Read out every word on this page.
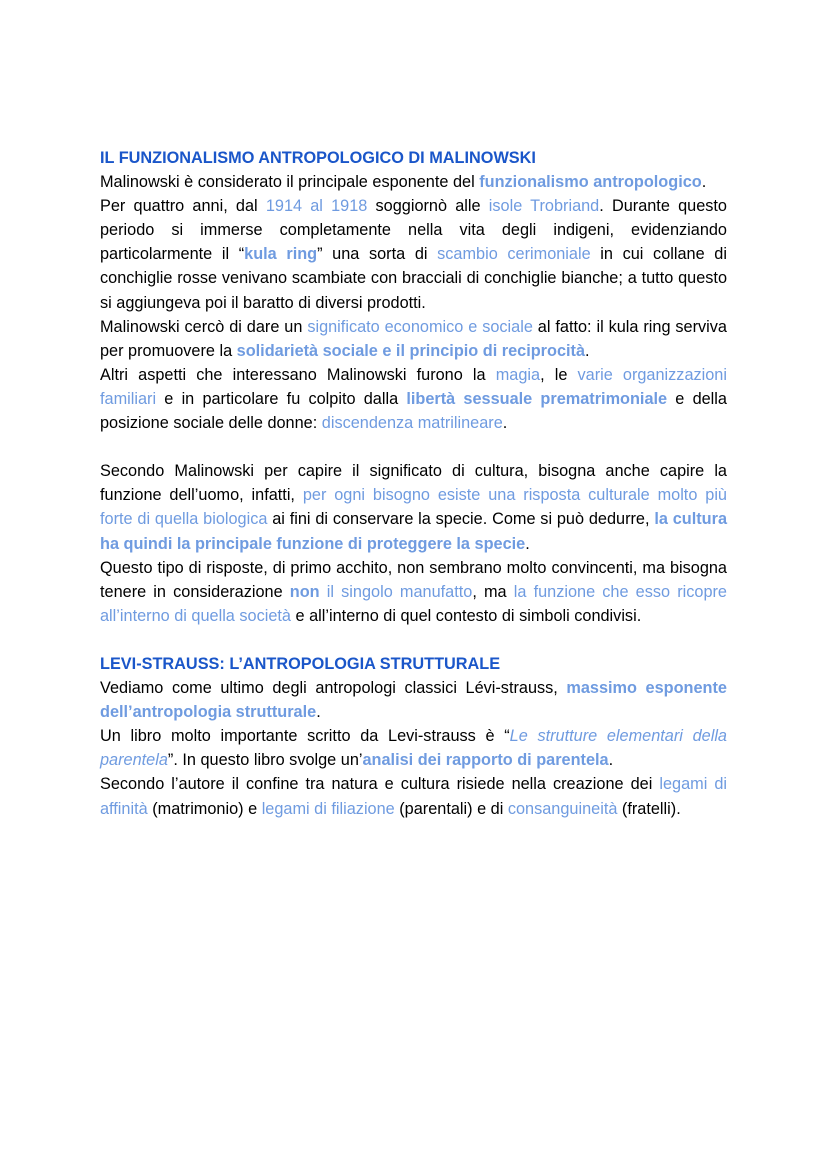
IL FUNZIONALISMO ANTROPOLOGICO DI MALINOWSKI

Malinowski è considerato il principale esponente del funzionalismo antropologico.

Per quattro anni, dal 1914 al 1918 soggiornò alle isole Trobriand. Durante questo periodo si immerse completamente nella vita degli indigeni, evidenziando particolarmente il “kula ring” una sorta di scambio cerimoniale in cui collane di conchiglie rosse venivano scambiate con bracciali di conchiglie bianche; a tutto questo si aggiungeva poi il baratto di diversi prodotti.

Malinowski cercò di dare un significato economico e sociale al fatto: il kula ring serviva per promuovere la solidarietà sociale e il principio di reciprocità.

Altri aspetti che interessano Malinowski furono la magia, le varie organizzazioni familiari e in particolare fu colpito dalla libertà sessuale prematrimoniale e della posizione sociale delle donne: discendenza matrilineare.

Secondo Malinowski per capire il significato di cultura, bisogna anche capire la funzione dell’uomo, infatti, per ogni bisogno esiste una risposta culturale molto più forte di quella biologica ai fini di conservare la specie. Come si può dedurre, la cultura ha quindi la principale funzione di proteggere la specie.

Questo tipo di risposte, di primo acchito, non sembrano molto convincenti, ma bisogna tenere in considerazione non il singolo manufatto, ma la funzione che esso ricopre all’interno di quella società e all’interno di quel contesto di simboli condivisi.

LEVI-STRAUSS: L’ANTROPOLOGIA STRUTTURALE

Vediamo come ultimo degli antropologi classici Lévi-strauss, massimo esponente dell’antropologia strutturale.

Un libro molto importante scritto da Levi-strauss è “Le strutture elementari della parentela”. In questo libro svolge un’analisi dei rapporto di parentela.

Secondo l’autore il confine tra natura e cultura risiede nella creazione dei legami di affinità (matrimonio) e legami di filiazione (parentali) e di consanguineità (fratelli).
